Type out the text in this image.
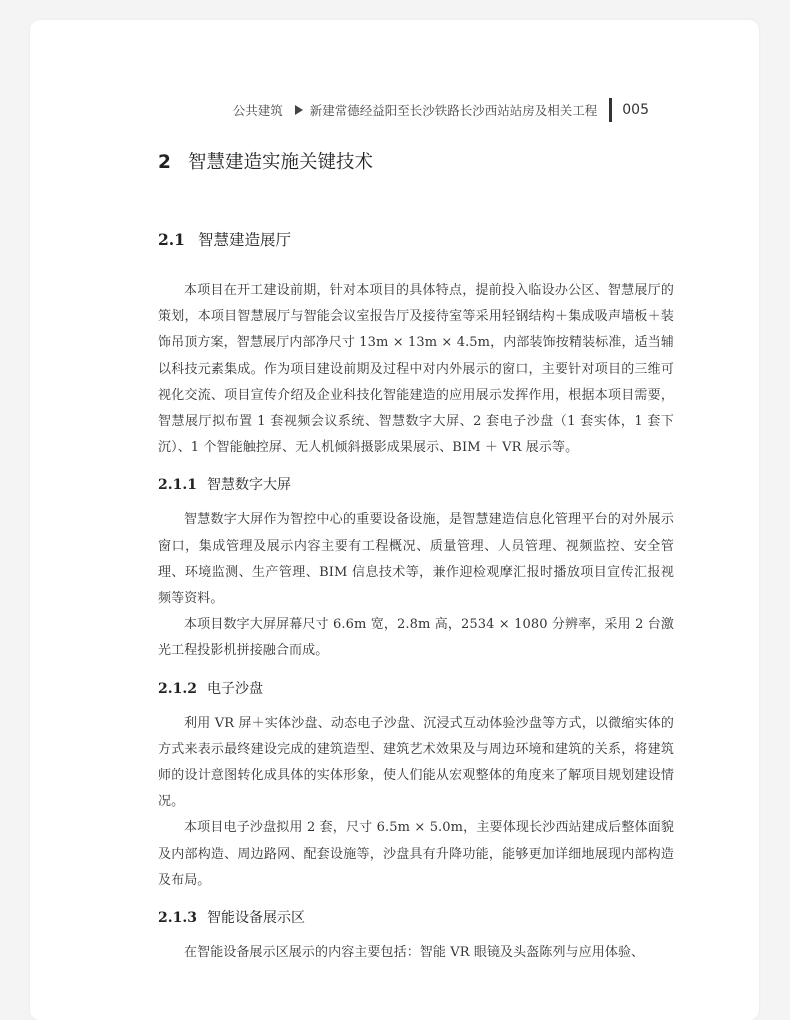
公共建筑 新建常德经益阳至长沙铁路长沙西站站房及相关工程 005
2 智慧建造实施关键技术
2.1 智慧建造展厅

本项目在开工建设前期，针对本项目的具体特点，提前投入临设办公区、智慧展厅的策划，本项目智慧展厅与智能会议室报告厅及接待室等采用轻钢结构＋集成吸声墙板＋装饰吊顶方案，智慧展厅内部净尺寸 13m × 13m × 4.5m，内部装饰按精装标准，适当辅以科技元素集成。作为项目建设前期及过程中对内外展示的窗口，主要针对项目的三维可视化交流、项目宣传介绍及企业科技化智能建造的应用展示发挥作用，根据本项目需要，智慧展厅拟布置 1 套视频会议系统、智慧数字大屏、2 套电子沙盘（1 套实体，1 套下沉）、1 个智能触控屏、无人机倾斜摄影成果展示、BIM ＋ VR 展示等。

2.1.1 智慧数字大屏

智慧数字大屏作为智控中心的重要设备设施，是智慧建造信息化管理平台的对外展示窗口，集成管理及展示内容主要有工程概况、质量管理、人员管理、视频监控、安全管理、环境监测、生产管理、BIM 信息技术等，兼作迎检观摩汇报时播放项目宣传汇报视频等资料。

本项目数字大屏屏幕尺寸 6.6m 宽，2.8m 高，2534 × 1080 分辨率，采用 2 台激光工程投影机拼接融合而成。

2.1.2 电子沙盘

利用 VR 屏＋实体沙盘、动态电子沙盘、沉浸式互动体验沙盘等方式，以微缩实体的方式来表示最终建设完成的建筑造型、建筑艺术效果及与周边环境和建筑的关系，将建筑师的设计意图转化成具体的实体形象，使人们能从宏观整体的角度来了解项目规划建设情况。

本项目电子沙盘拟用 2 套，尺寸 6.5m × 5.0m，主要体现长沙西站建成后整体面貌及内部构造、周边路网、配套设施等，沙盘具有升降功能，能够更加详细地展现内部构造及布局。

2.1.3 智能设备展示区

在智能设备展示区展示的内容主要包括：智能 VR 眼镜及头盔陈列与应用体验、
